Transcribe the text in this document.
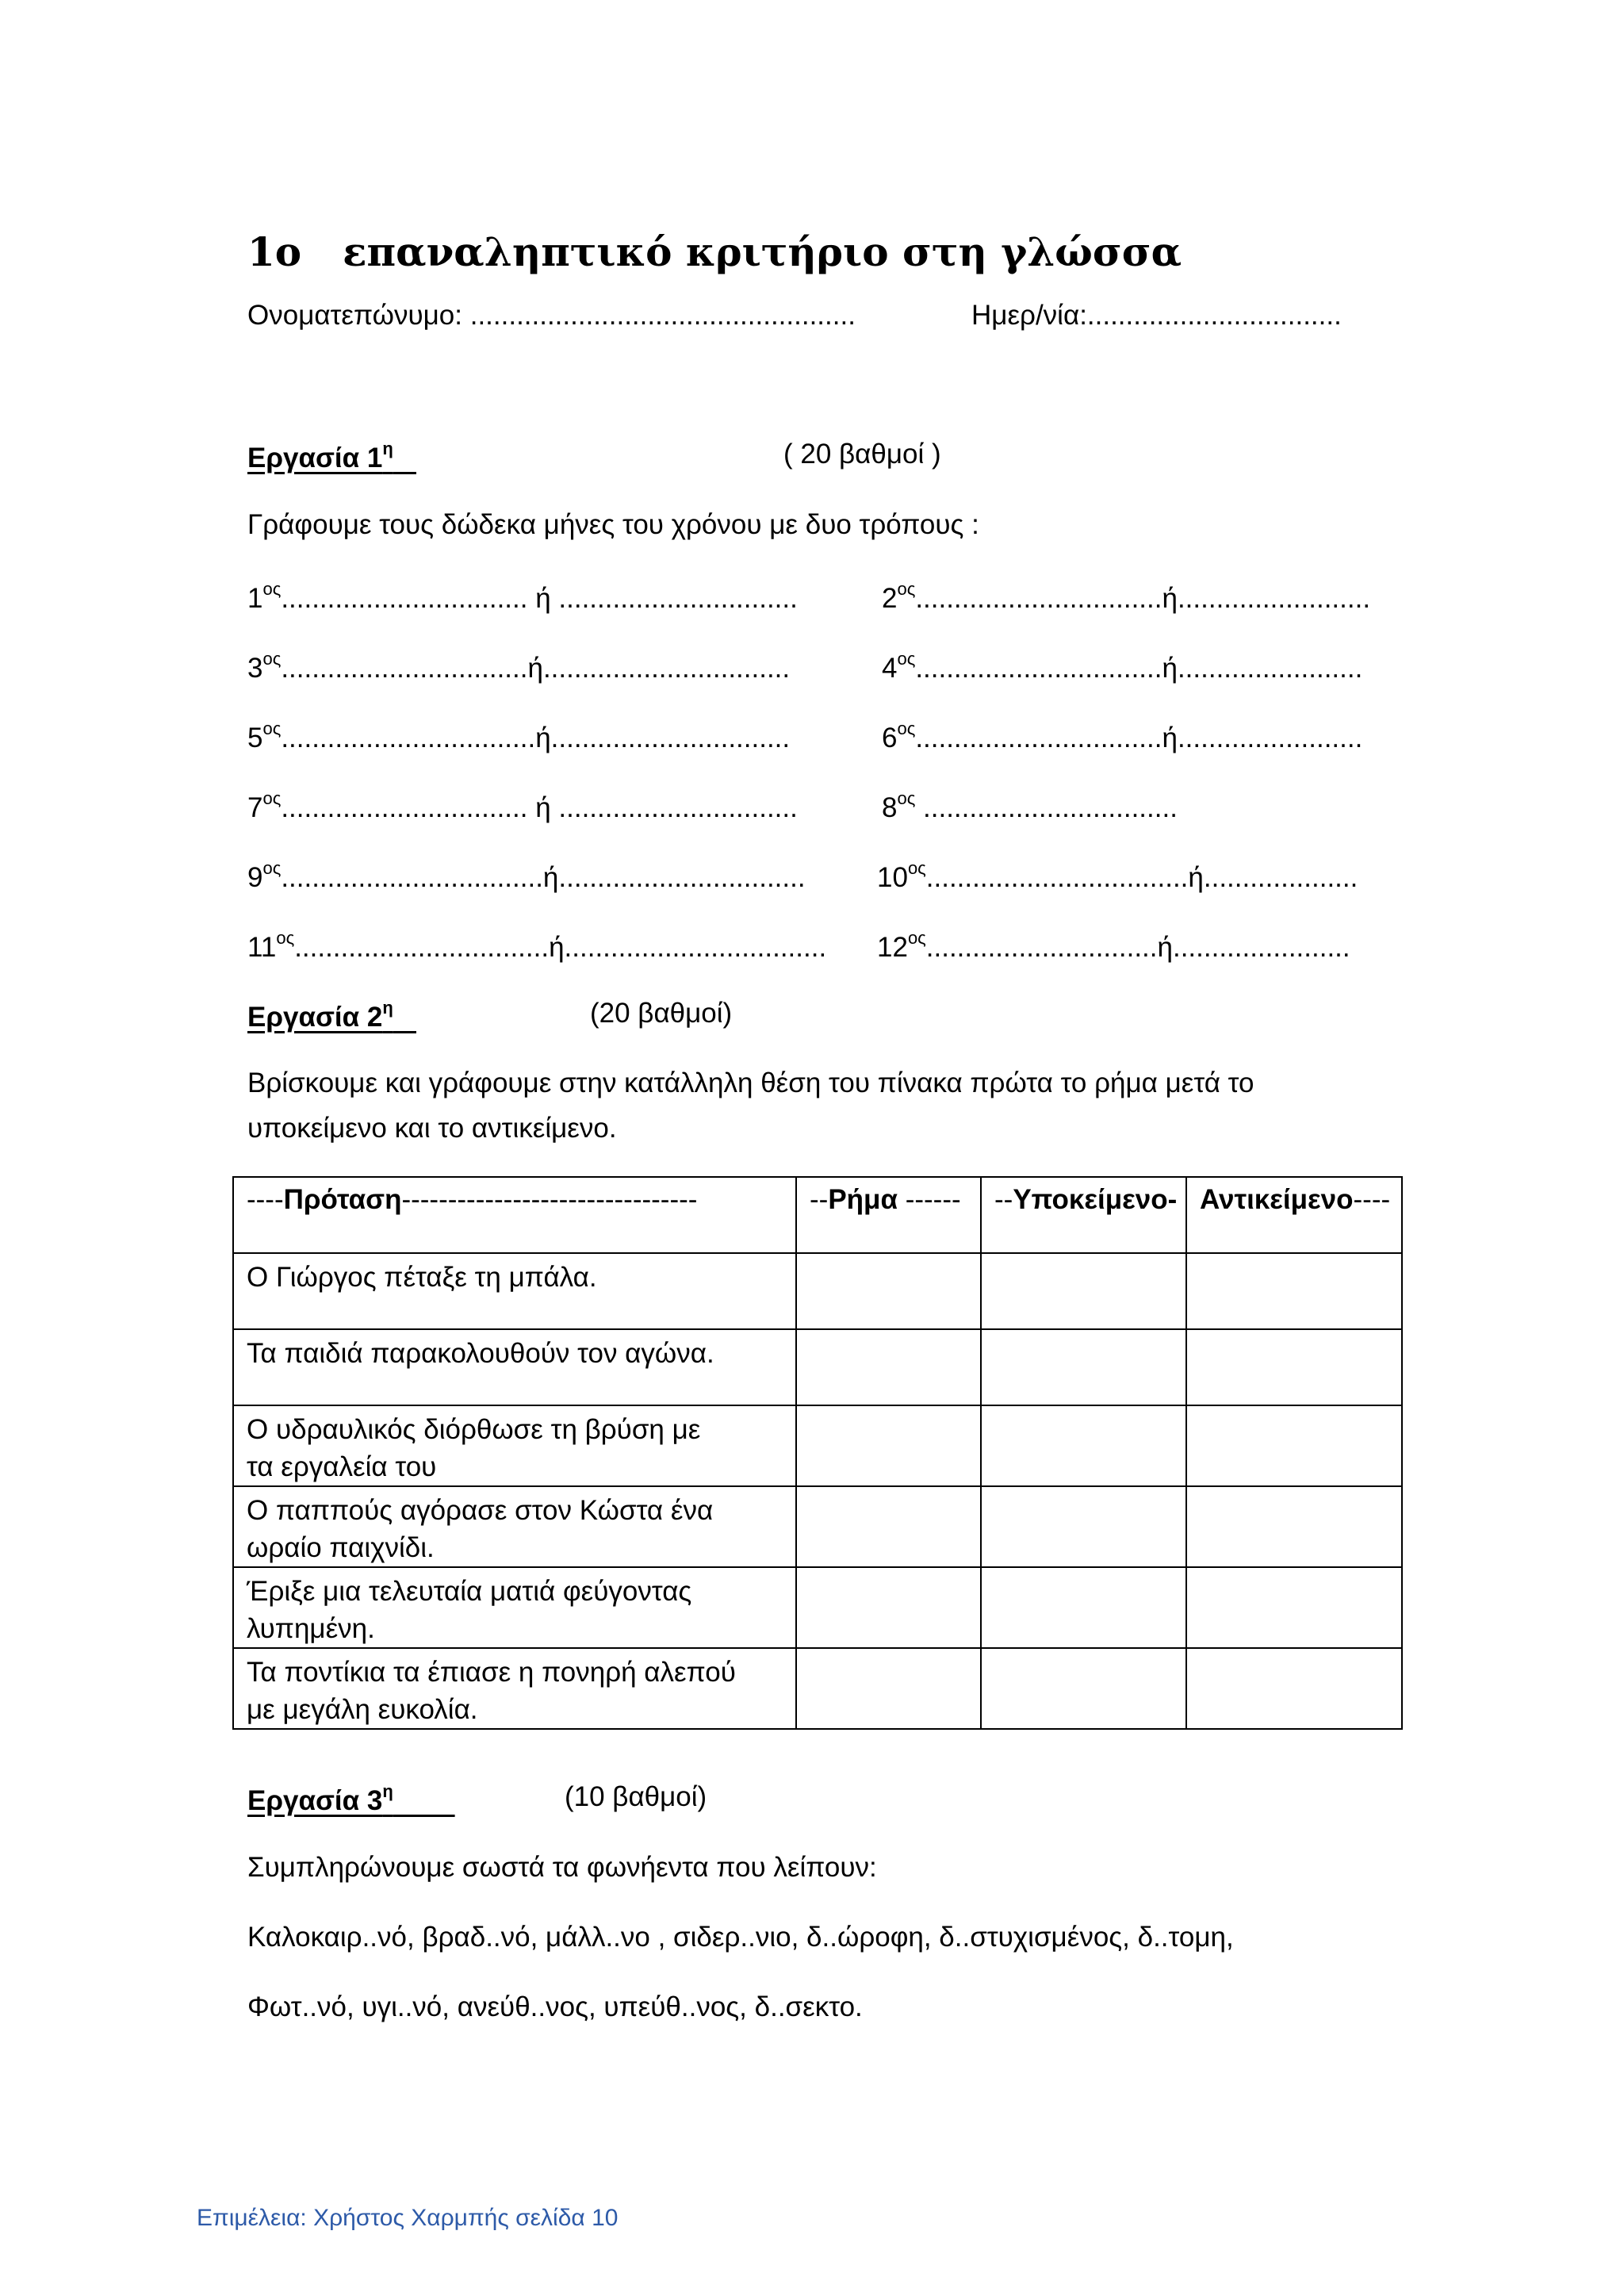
1ο επαναληπτικό κριτήριο στη γλώσσα
Ονοματεπώνυμο: ..................................................	Ημερ/νία:.................................
Εργασία $1^\eta$	( 20 βαθμοί )
Γράφουμε τους δώδεκα μήνες του χρόνου με δυο τρόπους :
$1^{o\varsigma}$................................ ή ...............................	$2^{o\varsigma}................................ή$.........................
$3^{o\varsigma}................................ή$................................	$4^{o\varsigma}................................ή$........................
$5^{o\varsigma}.................................ή$...............................	$6^{o\varsigma}................................ή$........................
$7^{o\varsigma}$................................ ή ...............................	$8^{o\varsigma}$ .................................
$9^{o\varsigma}..................................ή$................................	$10^{o\varsigma}..................................ή$....................
$11^{o\varsigma}.................................ή$.................................. $12^{o\varsigma}..............................ή$.......................
Εργασία $2^\eta$	(20 βαθμοί)
Βρίσκουμε και γράφουμε στην κατάλληλη θέση του πίνακα πρώτα το ρήμα μετά το
υποκείμενο και το αντικείμενο.
----Πρόταση--------------------------------	--Ρήμα ------	--Υποκείμενο-	Αντικείμενο----

Ο Γιώργος πέταξε τη μπάλα.			

Τα παιδιά παρακολουθούν τον αγώνα.			

Ο υδραυλικός διόρθωσε τη βρύση με
τα εργαλεία του			

Ο παππούς αγόρασε στον Κώστα ένα
ωραίο παιχνίδι.			

Έριξε μια τελευταία ματιά φεύγοντας
λυπημένη.			

Τα ποντίκια τα έπιασε η πονηρή αλεπού
με μεγάλη ευκολία.			

Εργασία $3^\eta$	(10 βαθμοί)
Συμπληρώνουμε σωστά τα φωνήεντα που λείπουν:
Καλοκαιρ..νό, βραδ..νό, μάλλ..νο , σιδερ..νιο, δ..ώροφη, δ..στυχισμένος, δ..τομη,
Φωτ..νό, υγι..νό, ανεύθ..νος, υπεύθ..νος, δ..σεκτο.
Επιμέλεια: Χρήστος Χαρμπής σελίδα 10
